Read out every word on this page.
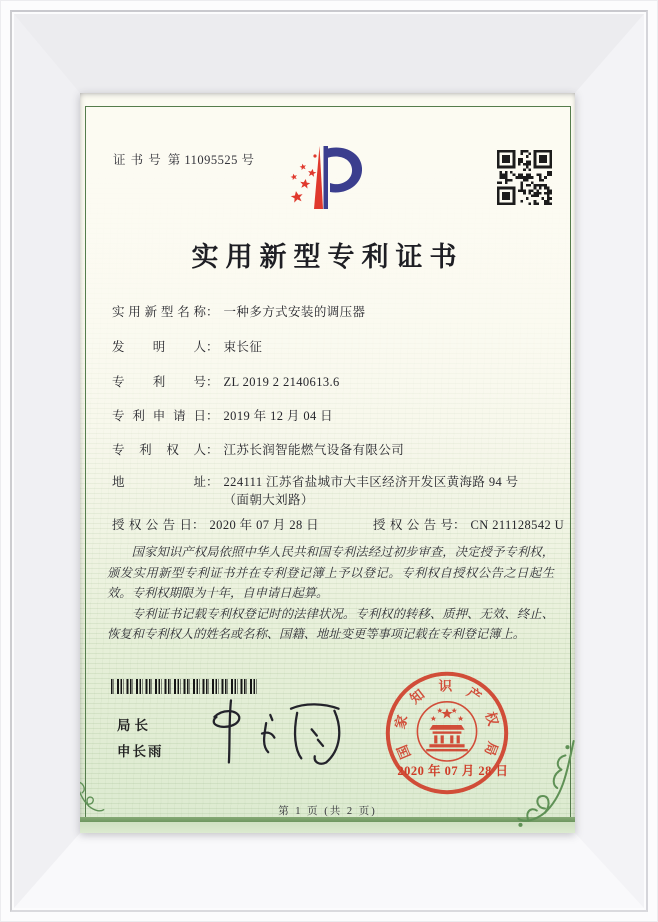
证 书 号 第 11095525 号
实用新型专利证书
实用新型名称： 一种多方式安装的调压器
发明人： 束长征
专利号： ZL 2019 2 2140613.6
专利申请日： 2019 年 12 月 04 日
专利权人： 江苏长润智能燃气设备有限公司
地址： 224111 江苏省盐城市大丰区经济开发区黄海路 94 号（面朝大刘路）
授权公告日： 2020 年 07 月 28 日	授权公告号： CN 211128542 U

国家知识产权局依照中华人民共和国专利法经过初步审查，决定授予专利权，颁发实用新型专利证书并在专利登记簿上予以登记。专利权自授权公告之日起生效。专利权期限为十年，自申请日起算。

专利证书记载专利权登记时的法律状况。专利权的转移、质押、无效、终止、恢复和专利权人的姓名或名称、国籍、地址变更等事项记载在专利登记簿上。

局长
申长雨	国家知识产权局
2020 年 07 月 28 日
第 1 页 (共 2 页)
